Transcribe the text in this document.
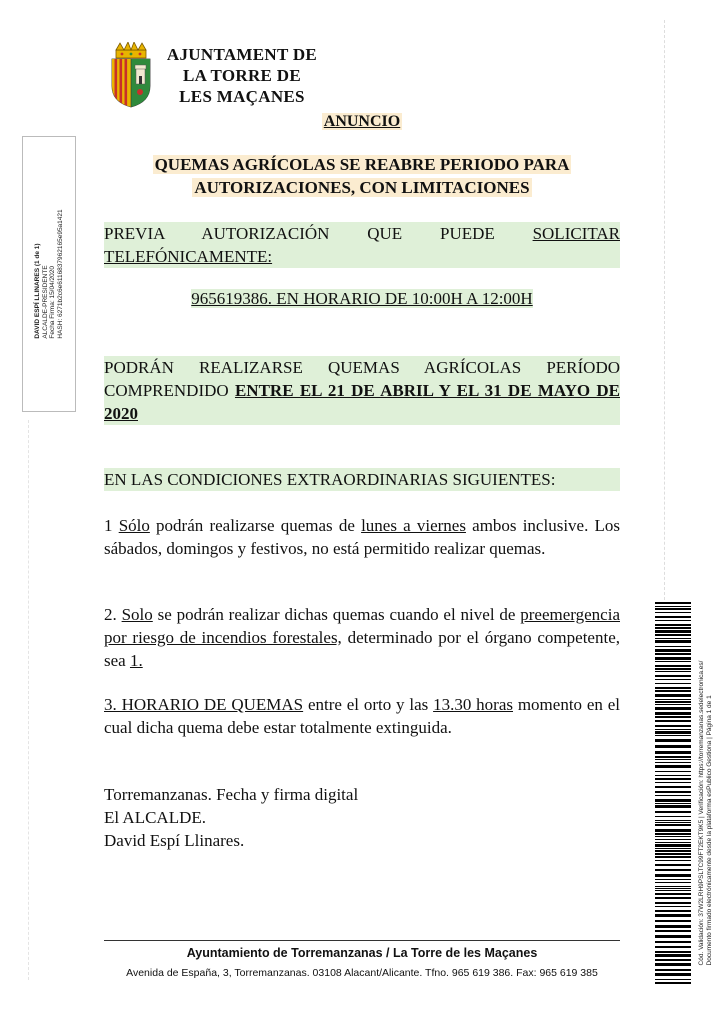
AJUNTAMENT DE
LA TORRE DE
LES MAÇANES
ANUNCIO
QUEMAS AGRÍCOLAS SE REABRE PERIODO PARA
AUTORIZACIONES, CON LIMITACIONES
PREVIA AUTORIZACIÓN QUE PUEDE SOLICITAR TELEFÓNICAMENTE:
965619386. EN HORARIO DE 10:00H A 12:00H
PODRÁN REALIZARSE QUEMAS AGRÍCOLAS PERÍODO COMPRENDIDO ENTRE EL 21 DE ABRIL Y EL 31 DE MAYO DE 2020
EN LAS CONDICIONES EXTRAORDINARIAS SIGUIENTES:
1 Sólo podrán realizarse quemas de lunes a viernes ambos inclusive. Los sábados, domingos y festivos, no está permitido realizar quemas.
2. Solo se podrán realizar dichas quemas cuando el nivel de preemergencia por riesgo de incendios forestales, determinado por el órgano competente, sea 1.
3. HORARIO DE QUEMAS entre el orto y las 13.30 horas momento en el cual dicha quema debe estar totalmente extinguida.
Torremanzanas. Fecha y firma digital
El ALCALDE.
David Espí Llinares.
Ayuntamiento de Torremanzanas / La Torre de les Maçanes
Avenida de España, 3, Torremanzanas. 03108 Alacant/Alicante. Tfno. 965 619 386. Fax: 965 619 385
DAVID ESPÍ LLINARES (1 de 1) ALCALDE-PRESIDENTE Fecha Firma: 15/04/2020 HASH: 6271b2c6e6116837962165e95a1421
Cód. Validación: 37W2LRH9PSLTC99FT2EKT9K5 | Verificación: https://torremanzanas.sedelectronica.es/ Documento firmado electrónicamente desde la plataforma esPublico Gestiona | Página 1 de 1
